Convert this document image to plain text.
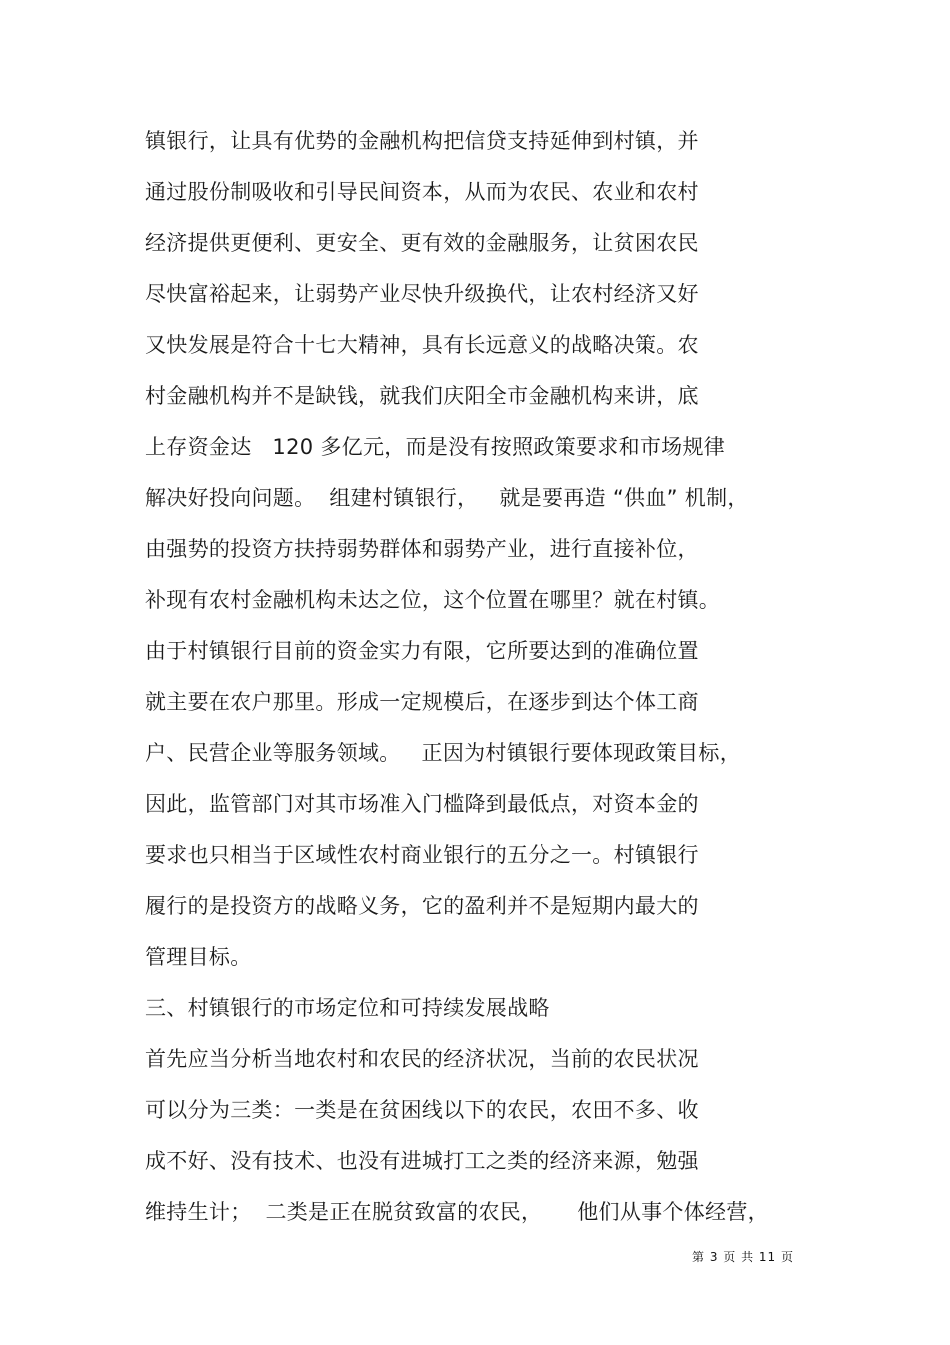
镇银行，让具有优势的金融机构把信贷支持延伸到村镇，并
通过股份制吸收和引导民间资本，从而为农民、农业和农村
经济提供更便利、更安全、更有效的金融服务，让贫困农民
尽快富裕起来，让弱势产业尽快升级换代，让农村经济又好
又快发展是符合十七大精神，具有长远意义的战略决策。农
村金融机构并不是缺钱，就我们庆阳全市金融机构来讲，底
上存资金达   120 多亿元，而是没有按照政策要求和市场规律
解决好投向问题。  组建村镇银行，   就是要再造 “供血” 机制，
由强势的投资方扶持弱势群体和弱势产业，进行直接补位，
补现有农村金融机构未达之位，这个位置在哪里？就在村镇。
由于村镇银行目前的资金实力有限，它所要达到的准确位置
就主要在农户那里。形成一定规模后，在逐步到达个体工商
户、民营企业等服务领域。   正因为村镇银行要体现政策目标，
因此，监管部门对其市场准入门槛降到最低点，对资本金的
要求也只相当于区域性农村商业银行的五分之一。村镇银行
履行的是投资方的战略义务，它的盈利并不是短期内最大的
管理目标。
三、村镇银行的市场定位和可持续发展战略
首先应当分析当地农村和农民的经济状况，当前的农民状况
可以分为三类：一类是在贫困线以下的农民，农田不多、收
成不好、没有技术、也没有进城打工之类的经济来源，勉强
维持生计；  二类是正在脱贫致富的农民，     他们从事个体经营，
第 3 页 共 11 页
